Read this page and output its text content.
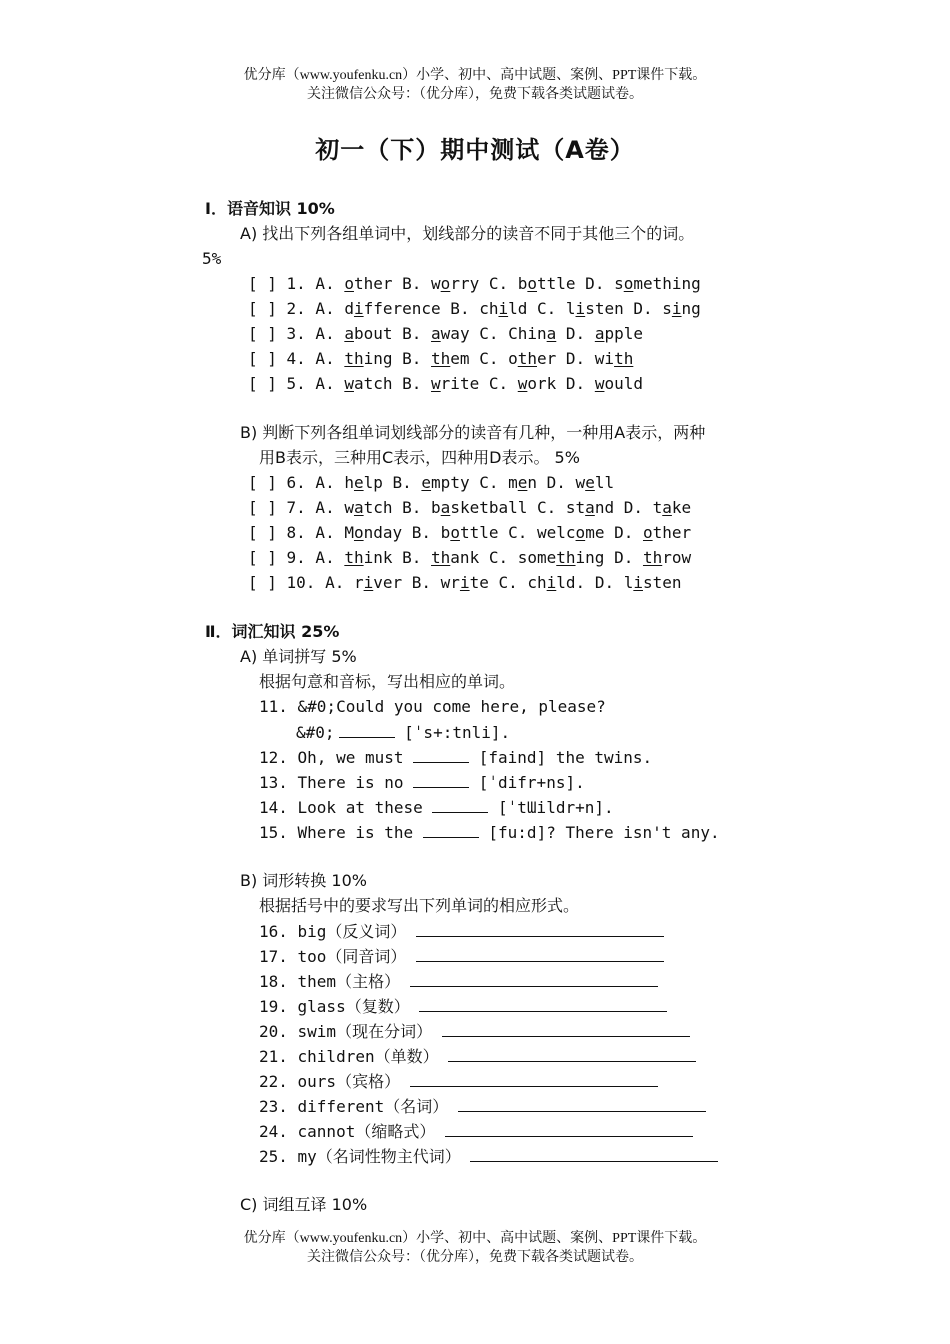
优分库（www.youfenku.cn）小学、初中、高中试题、案例、PPT课件下载。
关注微信公众号：（优分库），免费下载各类试题试卷。
初一（下）期中测试（A卷）
Ⅰ．语音知识 10%
A) 找出下列各组单词中，划线部分的读音不同于其他三个的词。
5%
[ ] 1. A. other B. worry C. bottle D. something
[ ] 2. A. difference B. child C. listen D. sing
[ ] 3. A. about B. away C. China D. apple
[ ] 4. A. thing B. them C. other D. with
[ ] 5. A. watch B. write C. work D. would
B) 判断下列各组单词划线部分的读音有几种，一种用A表示，两种
用B表示，三种用C表示，四种用D表示。 5%
[ ] 6. A. help B. empty C. men D. well
[ ] 7. A. watch B. basketball C. stand D. take
[ ] 8. A. Monday B. bottle C. welcome D. other
[ ] 9. A. think B. thank C. something D. throw
[ ] 10. A. river B. write C. child. D. listen
Ⅱ．词汇知识 25%
A) 单词拼写 5%
根据句意和音标，写出相应的单词。
11. &#0;Could you come here, please?
&#0;	[ˈs+:tnli].
12. Oh, we must	[faind] the twins.
13. There is no	[ˈdifr+ns].
14. Look at these	[ˈtƜildr+n].
15. Where is the	[fu:d]? There isn't any.
B) 词形转换 10%
根据括号中的要求写出下列单词的相应形式。
16. big（反义词）
17. too（同音词）
18. them（主格）
19. glass（复数）
20. swim（现在分词）
21. children（单数）
22. ours（宾格）
23. different（名词）
24. cannot（缩略式）
25. my（名词性物主代词）
C) 词组互译 10%
优分库（www.youfenku.cn）小学、初中、高中试题、案例、PPT课件下载。
关注微信公众号：（优分库），免费下载各类试题试卷。
